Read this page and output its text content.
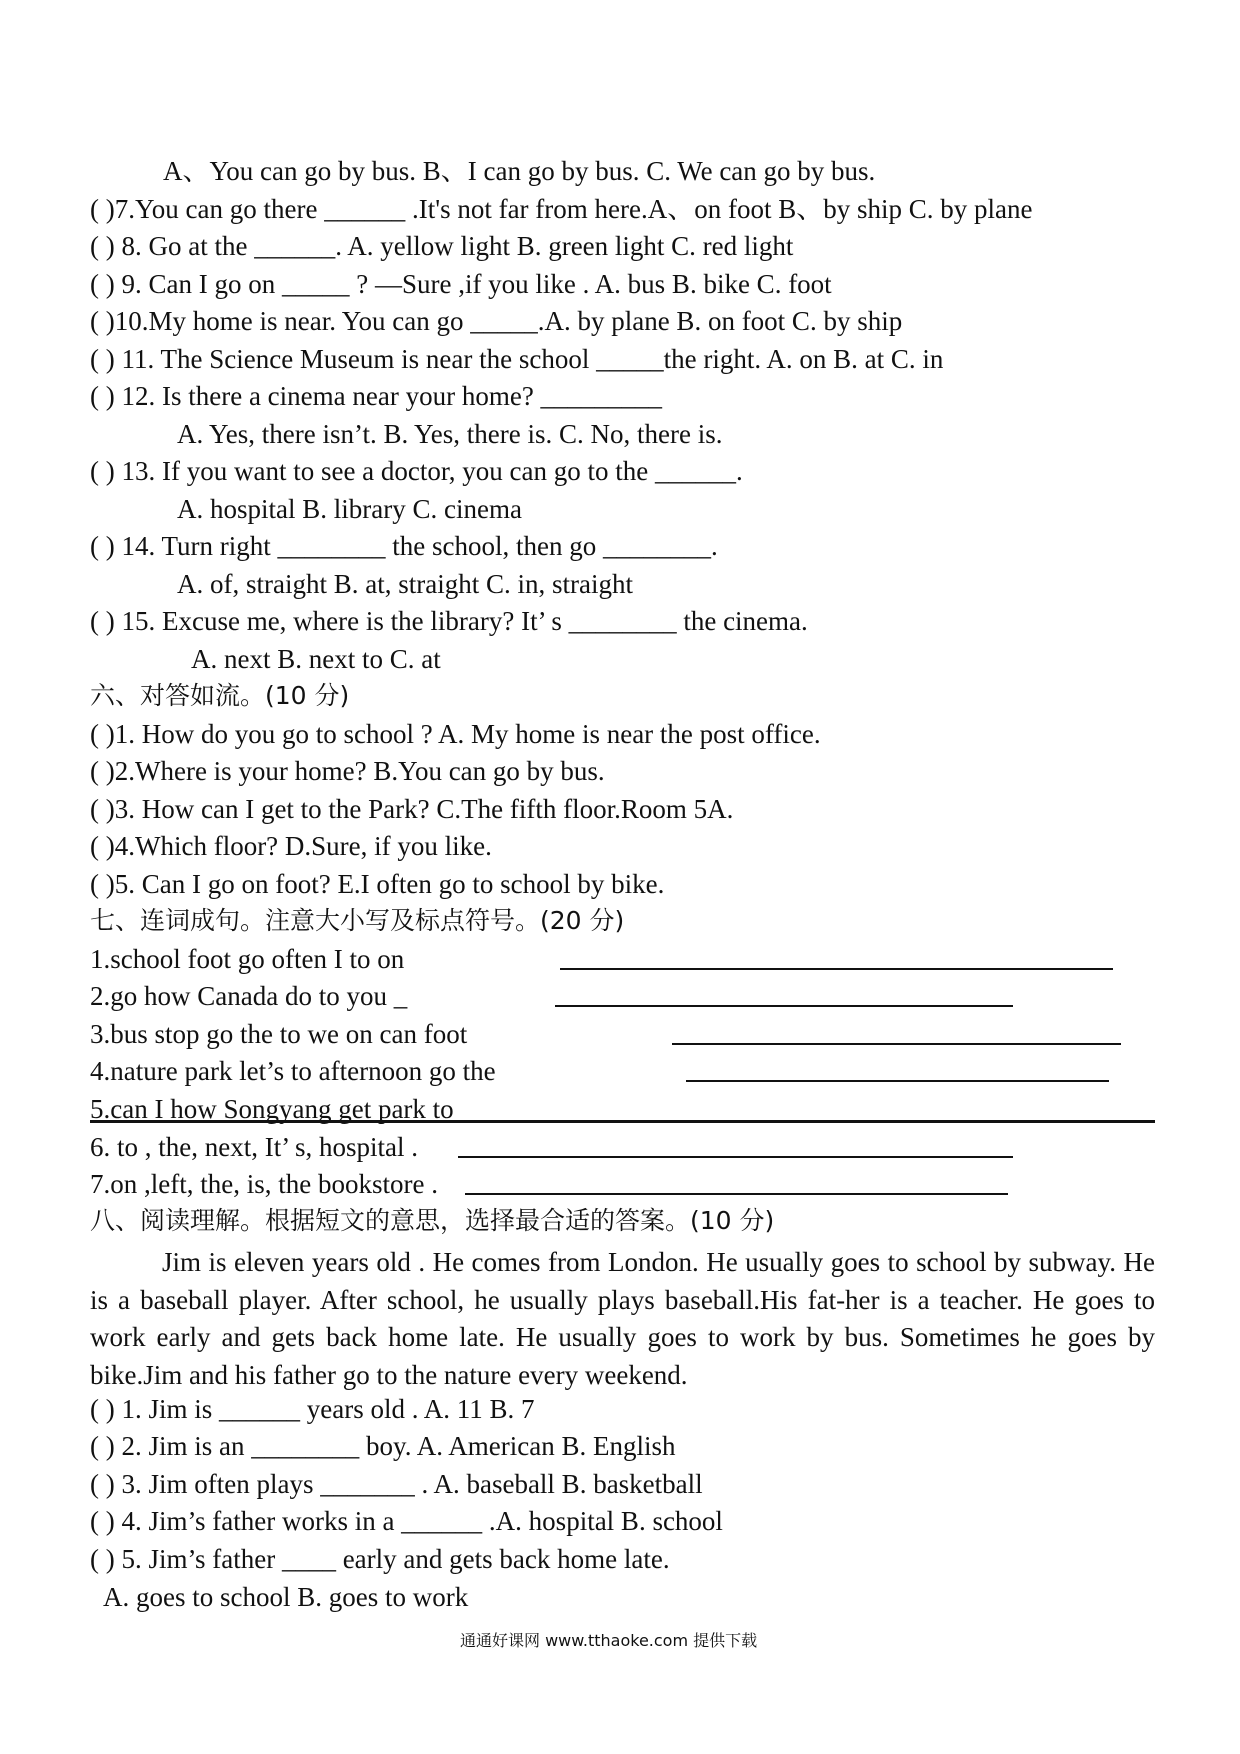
A、You can go by bus. B、I can go by bus. C. We can go by bus.
( )7.You can go there ______ .It's not far from here.A、on foot B、by ship C. by plane
( ) 8. Go at the ______. A. yellow light B. green light C. red light
( ) 9. Can I go on _____ ? —Sure ,if you like . A. bus B. bike C. foot
( )10.My home is near. You can go _____.A. by plane B. on foot C. by ship
( ) 11. The Science Museum is near the school _____the right. A. on B. at C. in
( ) 12. Is there a cinema near your home? _________
A. Yes, there isn’t. B. Yes, there is. C. No, there is.
( ) 13. If you want to see a doctor, you can go to the ______.
A. hospital B. library C. cinema
( ) 14. Turn right ________ the school, then go ________.
A. of, straight B. at, straight C. in, straight
( ) 15. Excuse me, where is the library? It’ s ________ the cinema.
A. next B. next to C. at
六、对答如流。(10 分)
( )1. How do you go to school ? A. My home is near the post office.
( )2.Where is your home? B.You can go by bus.
( )3. How can I get to the Park? C.The fifth floor.Room 5A.
( )4.Which floor? D.Sure, if you like.
( )5. Can I go on foot? E.I often go to school by bike.
七、连词成句。注意大小写及标点符号。(20 分)
1.school foot go often I to on
2.go how Canada do to you _
3.bus stop go the to we on can foot
4.nature park let’s to afternoon go the
5.can I how Songyang get park to
6. to , the, next, It’ s, hospital .
7.on ,left, the, is, the bookstore .
八、阅读理解。根据短文的意思，选择最合适的答案。(10 分)
Jim is eleven years old . He comes from London. He usually goes to school by subway. He is a baseball player. After school, he usually plays baseball.His fat-her is a teacher. He goes to work early and gets back home late. He usually goes to work by bus. Sometimes he goes by bike.Jim and his father go to the nature every weekend.
( ) 1. Jim is ______ years old . A. 11 B. 7
( ) 2. Jim is an ________ boy. A. American B. English
( ) 3. Jim often plays _______ . A. baseball B. basketball
( ) 4. Jim’s father works in a ______ .A. hospital B. school
( ) 5. Jim’s father ____ early and gets back home late.
A. goes to school B. goes to work
通通好课网 www.tthaoke.com 提供下载
